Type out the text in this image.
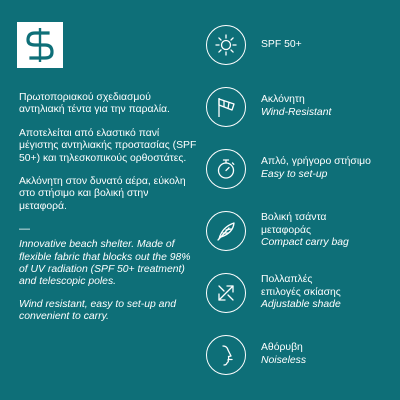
Πρωτοποριακού σχεδιασμού αντηλιακή τέντα για την παραλία.

Αποτελείται από ελαστικό πανί μέγιστης αντηλιακής προστασίας (SPF 50+) και τηλεσκοπικούς ορθοστάτες.

Ακλόνητη στον δυνατό αέρα, εύκολη στο στήσιμο και βολική στην μεταφορά.

—

Innovative beach shelter. Made of flexible fabric that blocks out the 98% of UV radiation (SPF 50+ treatment) and telescopic poles.

Wind resistant, easy to set-up and convenient to carry.

SPF 50+
Ακλόνητη
Wind-Resistant
Απλό, γρήγορο στήσιμο
Easy to set-up
Βολική τσάντα
μεταφοράς
Compact carry bag
Πολλαπλές
επιλογές σκίασης
Adjustable shade
Αθόρυβη
Noiseless
